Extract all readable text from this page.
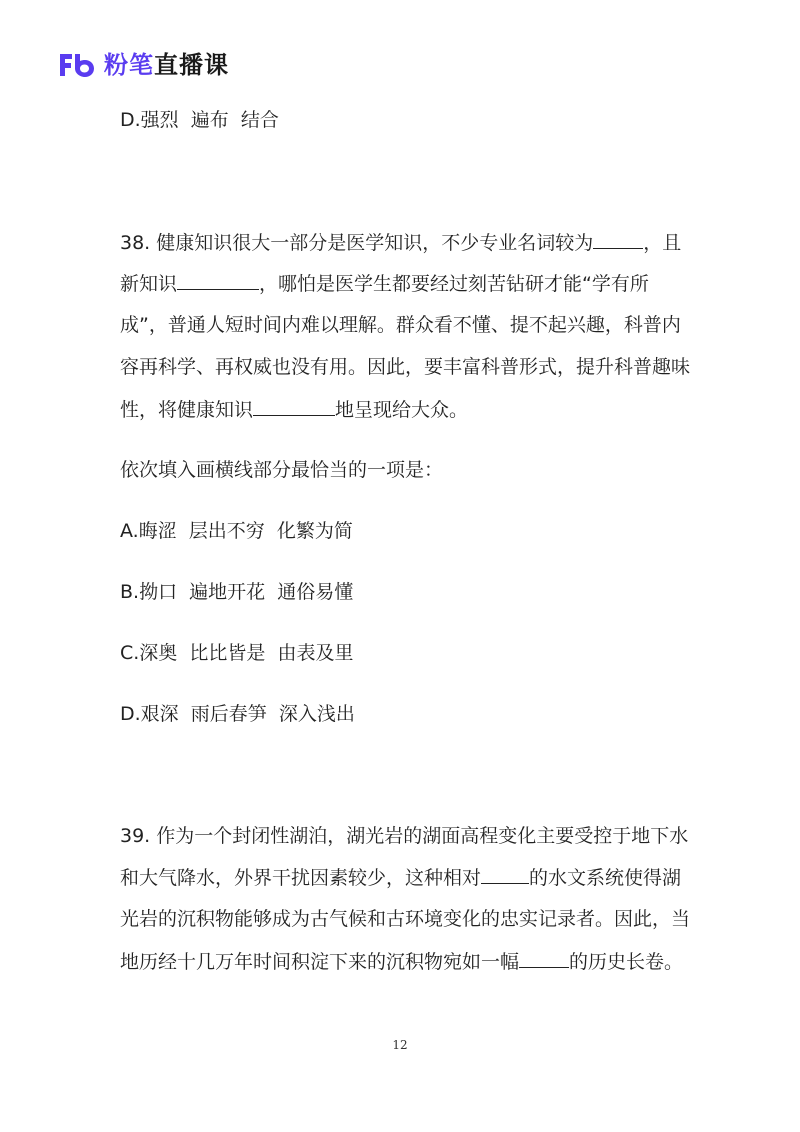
粉笔直播课
D.强烈  遍布  结合
38. 健康知识很大一部分是医学知识，不少专业名词较为	，且
新知识	，哪怕是医学生都要经过刻苦钻研才能“学有所
成”，普通人短时间内难以理解。群众看不懂、提不起兴趣，科普内
容再科学、再权威也没有用。因此，要丰富科普形式，提升科普趣味
性，将健康知识	地呈现给大众。
依次填入画横线部分最恰当的一项是：
A.晦涩  层出不穷  化繁为简
B.拗口  遍地开花  通俗易懂
C.深奥  比比皆是  由表及里
D.艰深  雨后春笋  深入浅出
39. 作为一个封闭性湖泊，湖光岩的湖面高程变化主要受控于地下水
和大气降水，外界干扰因素较少，这种相对	的水文系统使得湖
光岩的沉积物能够成为古气候和古环境变化的忠实记录者。因此，当
地历经十几万年时间积淀下来的沉积物宛如一幅	的历史长卷。
12
